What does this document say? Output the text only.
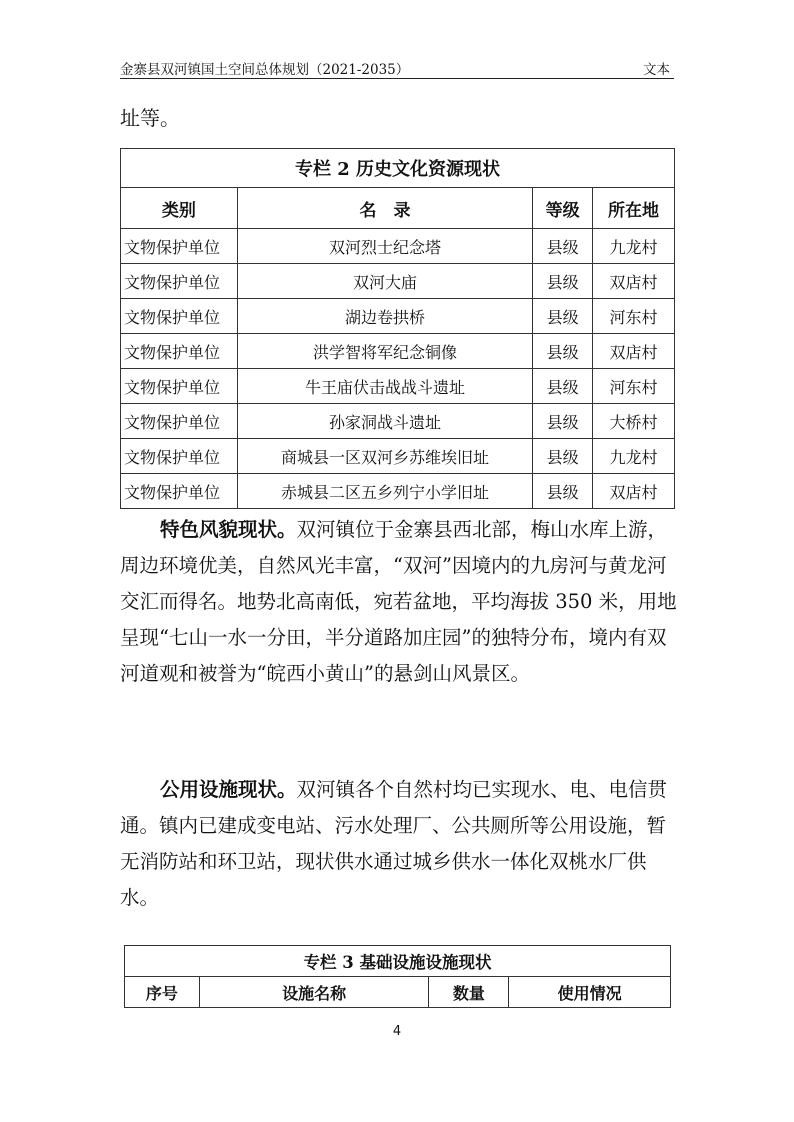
金寨县双河镇国土空间总体规划（2021-2035）	文本
址等。
专栏 2 历史文化资源现状			
类别	名　录	等级	所在地
文物保护单位	双河烈士纪念塔	县级	九龙村
文物保护单位	双河大庙	县级	双店村
文物保护单位	湖边卷拱桥	县级	河东村
文物保护单位	洪学智将军纪念铜像	县级	双店村
文物保护单位	牛王庙伏击战战斗遗址	县级	河东村
文物保护单位	孙家洞战斗遗址	县级	大桥村
文物保护单位	商城县一区双河乡苏维埃旧址	县级	九龙村
文物保护单位	赤城县二区五乡列宁小学旧址	县级	双店村

特色风貌现状。双河镇位于金寨县西北部，梅山水库上游，周边环境优美，自然风光丰富，“双河”因境内的九房河与黄龙河交汇而得名。地势北高南低，宛若盆地，平均海拔 350 米，用地呈现“七山一水一分田，半分道路加庄园”的独特分布，境内有双河道观和被誉为“皖西小黄山”的悬剑山风景区。

公用设施现状。双河镇各个自然村均已实现水、电、电信贯通。镇内已建成变电站、污水处理厂、公共厕所等公用设施，暂无消防站和环卫站，现状供水通过城乡供水一体化双桃水厂供水。

专栏 3 基础设施设施现状
序号	设施名称	数量	使用情况
4
